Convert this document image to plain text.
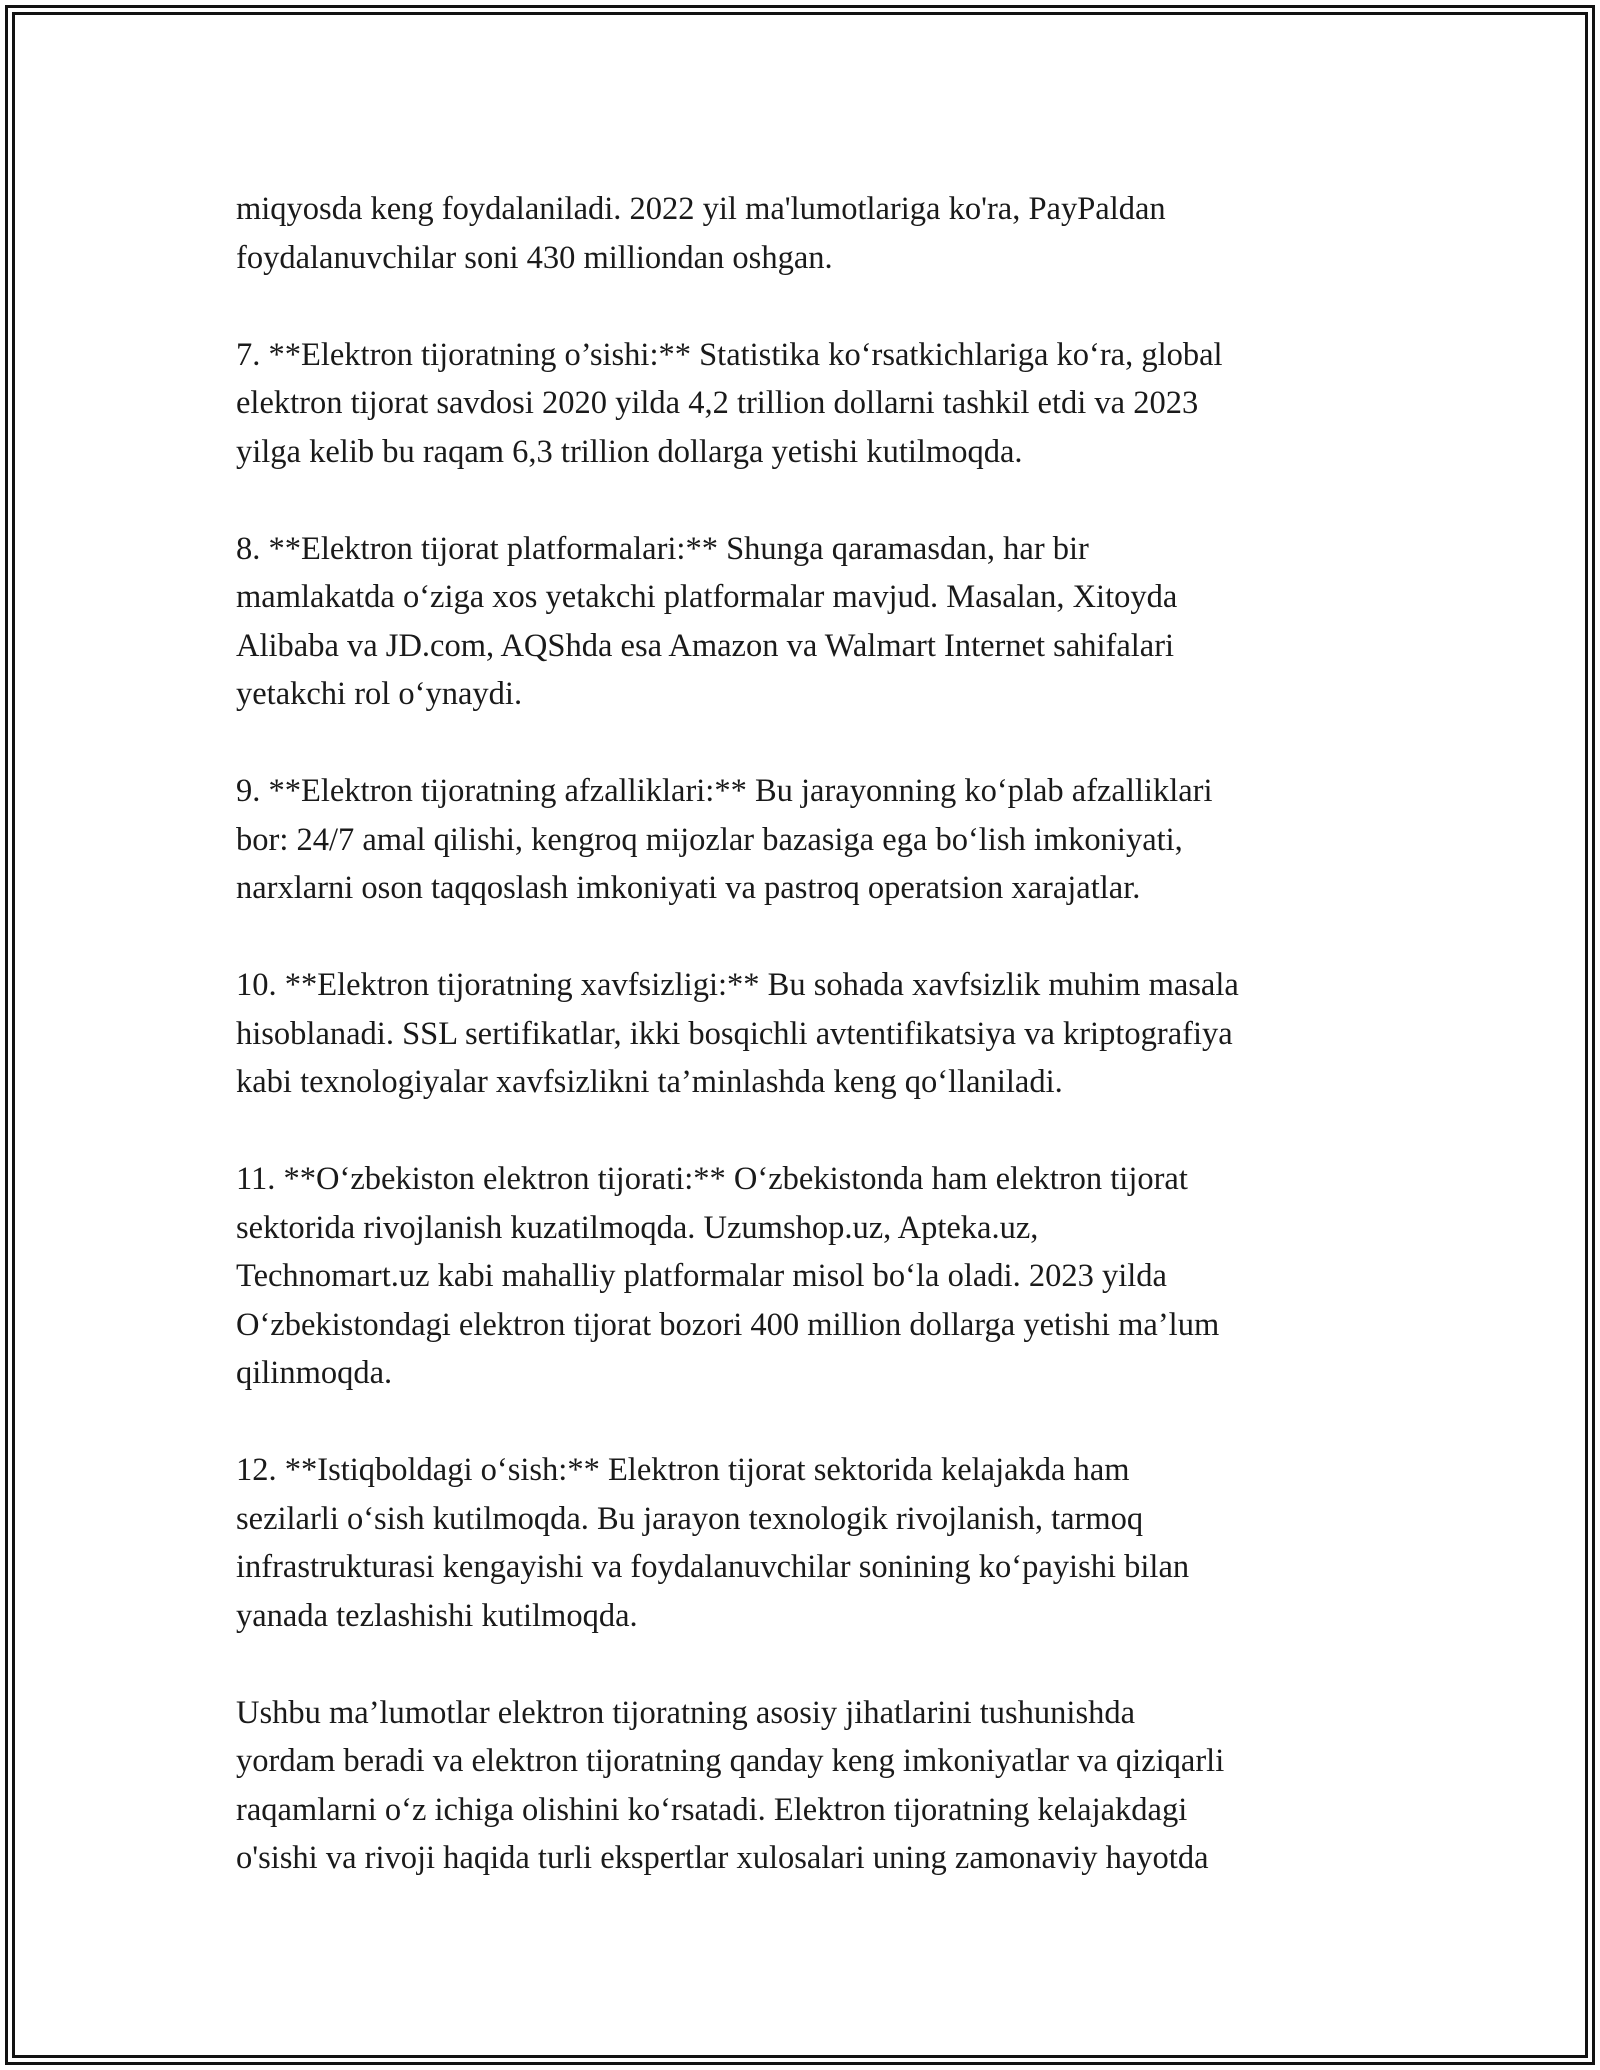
miqyosda keng foydalaniladi. 2022 yil ma'lumotlariga ko'ra, PayPaldan
foydalanuvchilar soni 430 milliondan oshgan.
7. **Elektron tijoratning o’sishi:** Statistika ko‘rsatkichlariga ko‘ra, global
elektron tijorat savdosi 2020 yilda 4,2 trillion dollarni tashkil etdi va 2023
yilga kelib bu raqam 6,3 trillion dollarga yetishi kutilmoqda.
8. **Elektron tijorat platformalari:** Shunga qaramasdan, har bir
mamlakatda o‘ziga xos yetakchi platformalar mavjud. Masalan, Xitoyda
Alibaba va JD.com, AQShda esa Amazon va Walmart Internet sahifalari
yetakchi rol o‘ynaydi.
9. **Elektron tijoratning afzalliklari:** Bu jarayonning ko‘plab afzalliklari
bor: 24/7 amal qilishi, kengroq mijozlar bazasiga ega bo‘lish imkoniyati,
narxlarni oson taqqoslash imkoniyati va pastroq operatsion xarajatlar.
10. **Elektron tijoratning xavfsizligi:** Bu sohada xavfsizlik muhim masala
hisoblanadi. SSL sertifikatlar, ikki bosqichli avtentifikatsiya va kriptografiya
kabi texnologiyalar xavfsizlikni ta’minlashda keng qo‘llaniladi.
11. **O‘zbekiston elektron tijorati:** O‘zbekistonda ham elektron tijorat
sektorida rivojlanish kuzatilmoqda. Uzumshop.uz, Apteka.uz,
Technomart.uz kabi mahalliy platformalar misol bo‘la oladi. 2023 yilda
O‘zbekistondagi elektron tijorat bozori 400 million dollarga yetishi ma’lum
qilinmoqda.
12. **Istiqboldagi o‘sish:** Elektron tijorat sektorida kelajakda ham
sezilarli o‘sish kutilmoqda. Bu jarayon texnologik rivojlanish, tarmoq
infrastrukturasi kengayishi va foydalanuvchilar sonining ko‘payishi bilan
yanada tezlashishi kutilmoqda.
Ushbu ma’lumotlar elektron tijoratning asosiy jihatlarini tushunishda
yordam beradi va elektron tijoratning qanday keng imkoniyatlar va qiziqarli
raqamlarni o‘z ichiga olishini ko‘rsatadi. Elektron tijoratning kelajakdagi
o'sishi va rivoji haqida turli ekspertlar xulosalari uning zamonaviy hayotda
